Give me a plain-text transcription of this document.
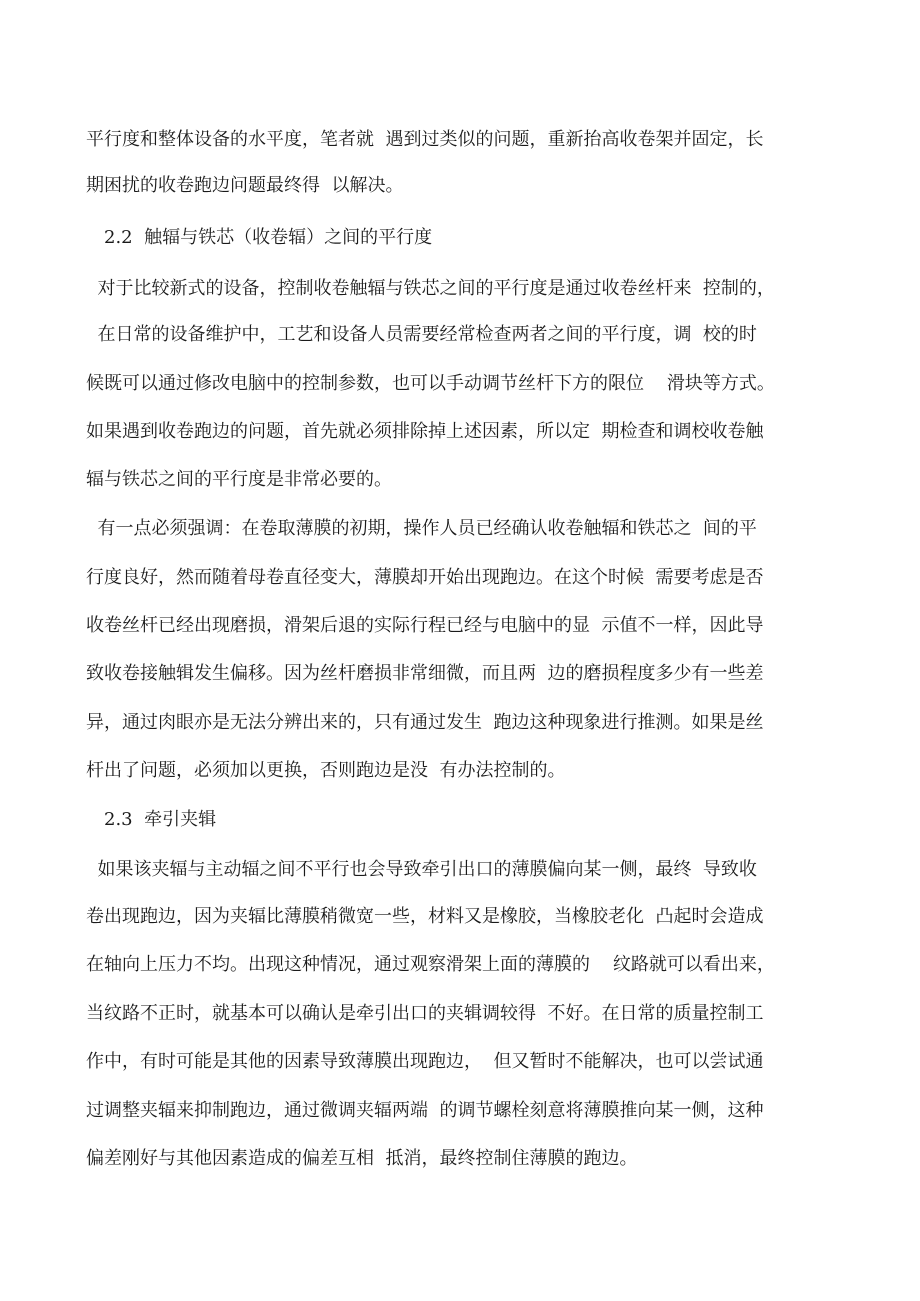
平行度和整体设备的水平度，笔者就  遇到过类似的问题，重新抬高收卷架并固定，长

期困扰的收卷跑边问题最终得  以解决。

2.2  触辐与铁芯（收卷辐）之间的平行度

对于比较新式的设备，控制收卷触辐与铁芯之间的平行度是通过收卷丝杆来  控制的，

在日常的设备维护中，工艺和设备人员需要经常检查两者之间的平行度，调  校的时

候既可以通过修改电脑中的控制参数，也可以手动调节丝杆下方的限位    滑块等方式。

如果遇到收卷跑边的问题，首先就必须排除掉上述因素，所以定  期检查和调校收卷触

辐与铁芯之间的平行度是非常必要的。

有一点必须强调：在卷取薄膜的初期，操作人员已经确认收卷触辐和铁芯之  间的平

行度良好，然而随着母卷直径变大，薄膜却开始出现跑边。在这个时候  需要考虑是否

收卷丝杆已经出现磨损，滑架后退的实际行程已经与电脑中的显  示值不一样，因此导

致收卷接触辑发生偏移。因为丝杆磨损非常细微，而且两  边的磨损程度多少有一些差

异，通过肉眼亦是无法分辨出来的，只有通过发生  跑边这种现象进行推测。如果是丝

杆出了问题，必须加以更换，否则跑边是没  有办法控制的。

2.3  牵引夹辑

如果该夹辐与主动辐之间不平行也会导致牵引出口的薄膜偏向某一侧，最终  导致收

卷出现跑边，因为夹辐比薄膜稍微宽一些，材料又是橡胶，当橡胶老化  凸起时会造成

在轴向上压力不均。出现这种情况，通过观察滑架上面的薄膜的    纹路就可以看出来，

当纹路不正时，就基本可以确认是牵引出口的夹辑调较得  不好。在日常的质量控制工

作中，有时可能是其他的因素导致薄膜出现跑边，  但又暂时不能解决，也可以尝试通

过调整夹辐来抑制跑边，通过微调夹辐两端  的调节螺栓刻意将薄膜推向某一侧，这种

偏差刚好与其他因素造成的偏差互相  抵消，最终控制住薄膜的跑边。
